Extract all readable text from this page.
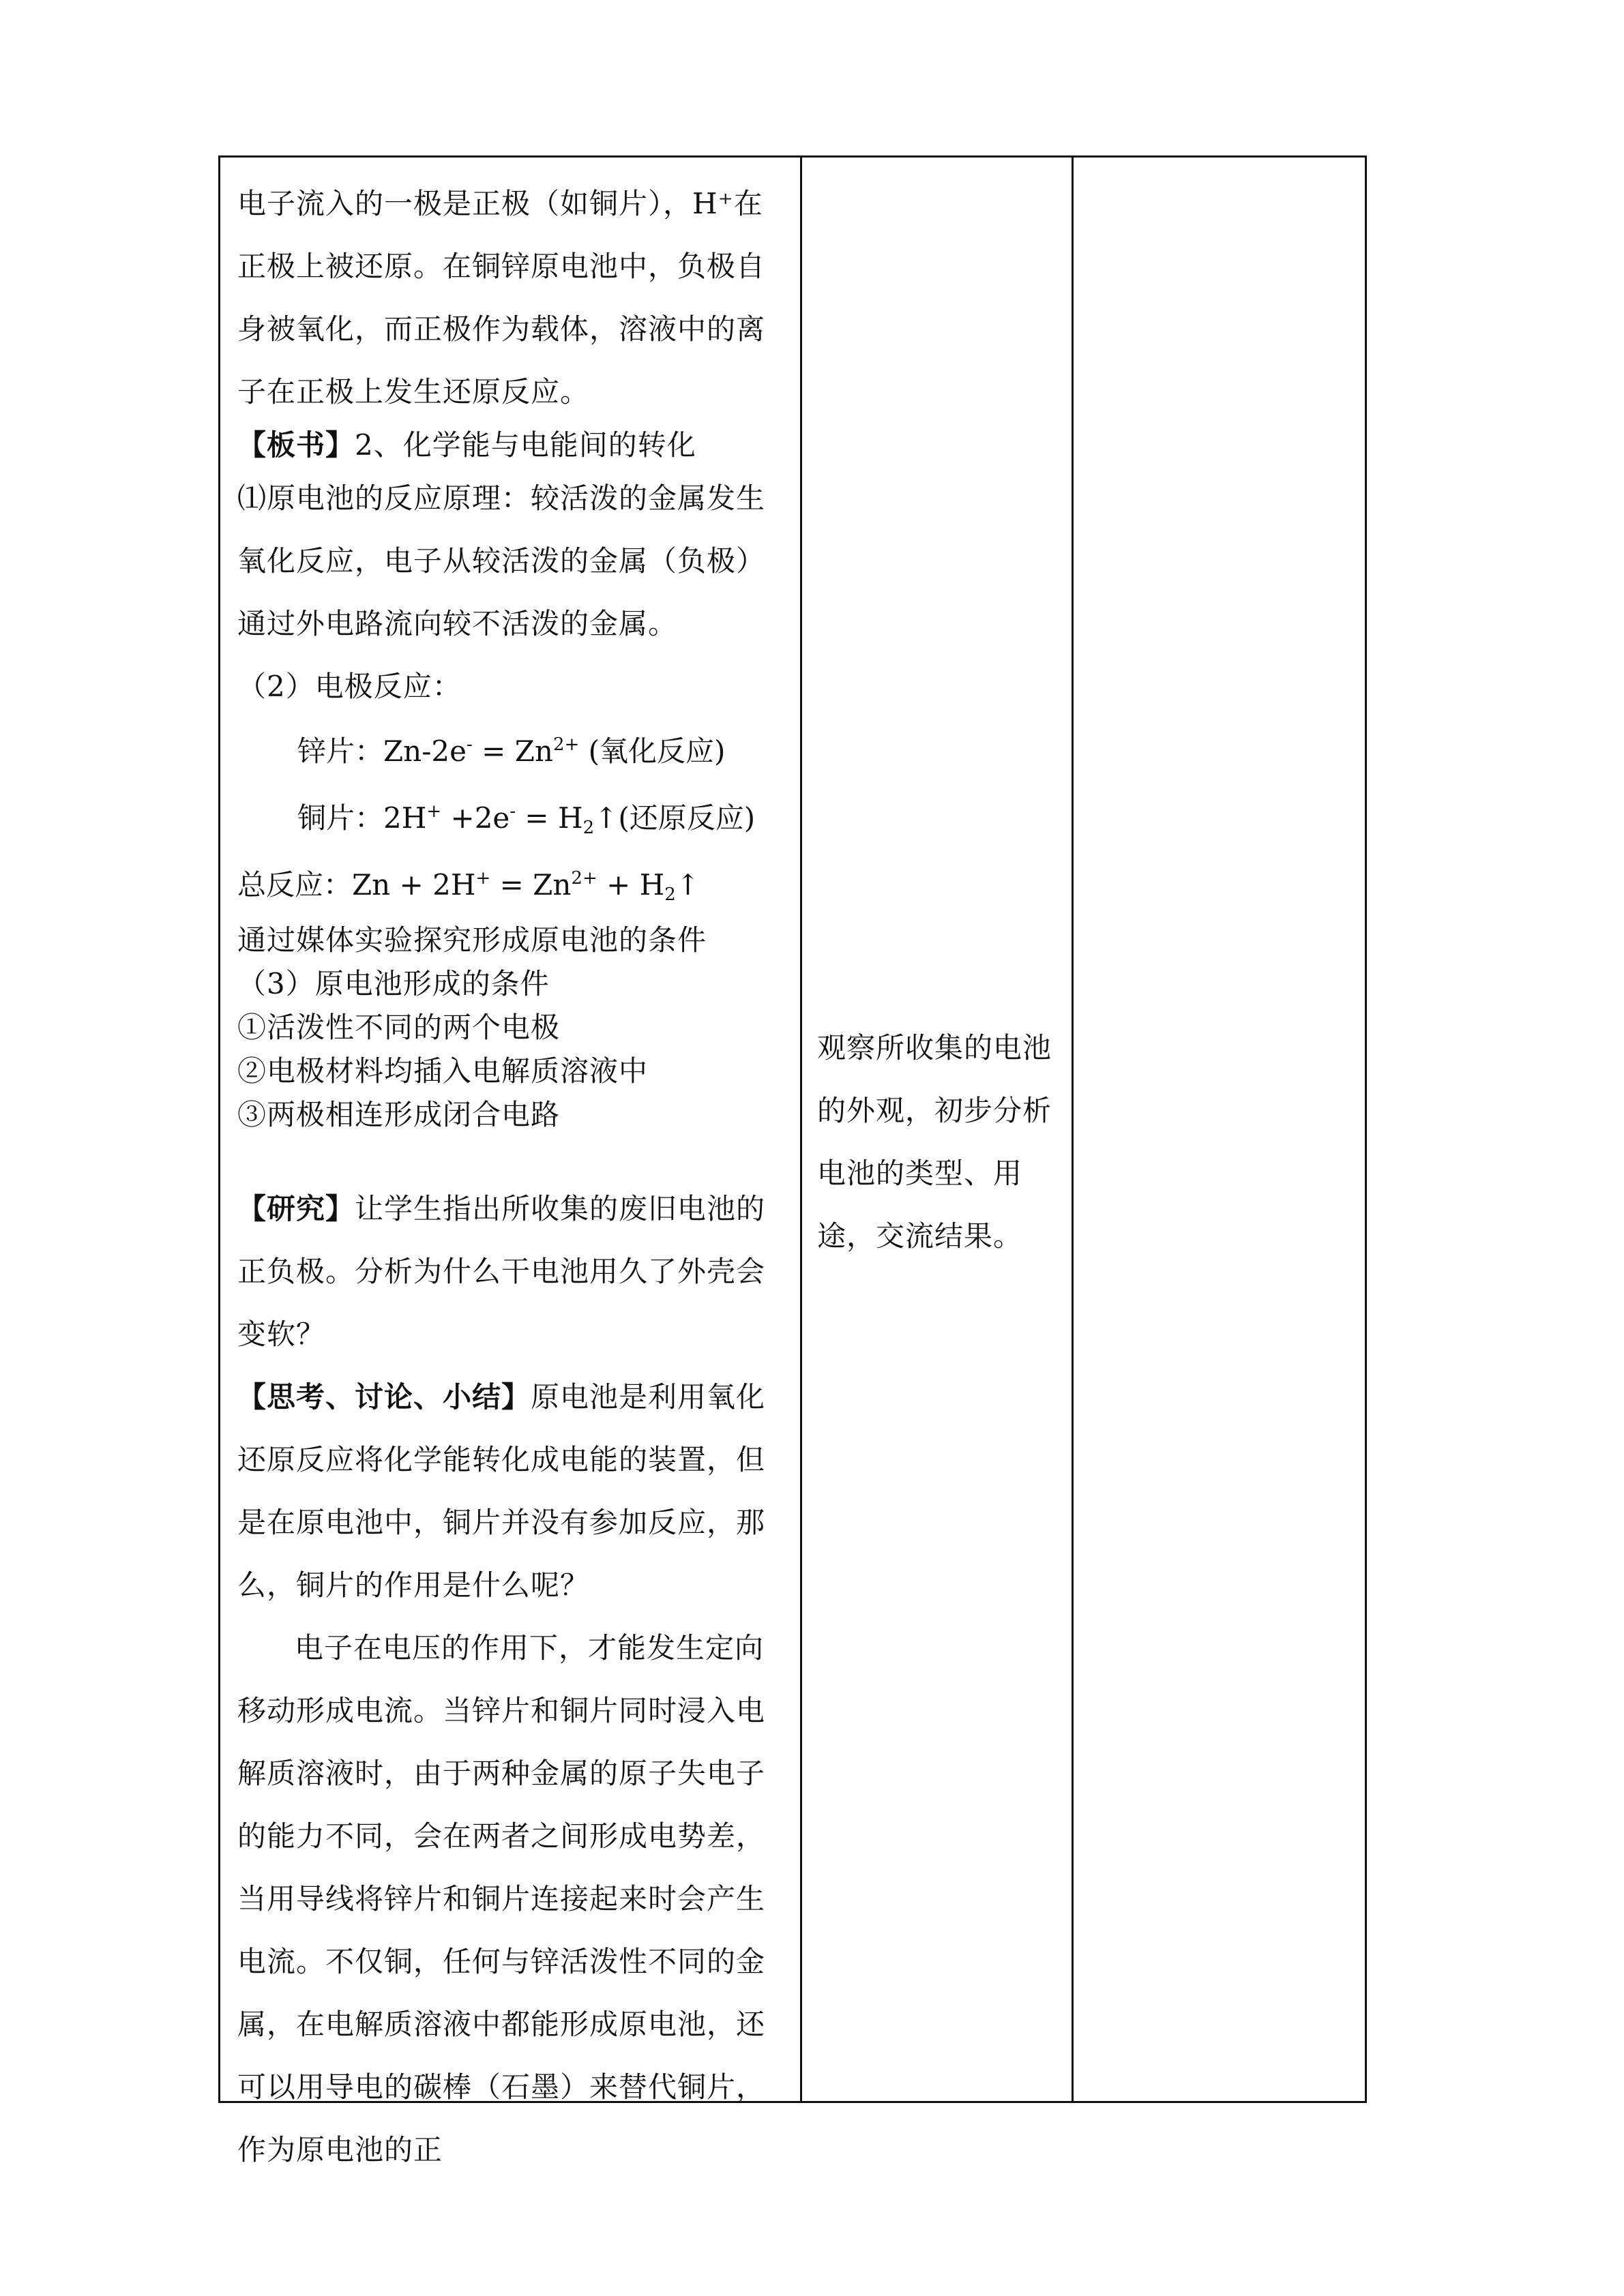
电子流入的一极是正极（如铜片），H⁺在正极上被还原。在铜锌原电池中，负极自身被氧化，而正极作为载体，溶液中的离子在正极上发生还原反应。

【板书】2、化学能与电能间的转化

⑴原电池的反应原理：较活泼的金属发生氧化反应，电子从较活泼的金属（负极）通过外电路流向较不活泼的金属。

（2）电极反应：

锌片：$Zn-2e^- = Zn^{2+}$ (氧化反应)

铜片：$2H^+ +2e^- = H_2↑$(还原反应)

总反应：$Zn + 2H^+ = Zn^{2+}$ + $H_2↑$

通过媒体实验探究形成原电池的条件

（3）原电池形成的条件

①活泼性不同的两个电极

②电极材料均插入电解质溶液中

③两极相连形成闭合电路

【研究】让学生指出所收集的废旧电池的正负极。分析为什么干电池用久了外壳会变软？

【思考、讨论、小结】原电池是利用氧化还原反应将化学能转化成电能的装置，但是在原电池中，铜片并没有参加反应，那么，铜片的作用是什么呢？

电子在电压的作用下，才能发生定向移动形成电流。当锌片和铜片同时浸入电解质溶液时，由于两种金属的原子失电子的能力不同，会在两者之间形成电势差，当用导线将锌片和铜片连接起来时会产生电流。不仅铜，任何与锌活泼性不同的金属，在电解质溶液中都能形成原电池，还可以用导电的碳棒（石墨）来替代铜片，作为原电池的正

观察所收集的电池的外观，初步分析电池的类型、用途，交流结果。
